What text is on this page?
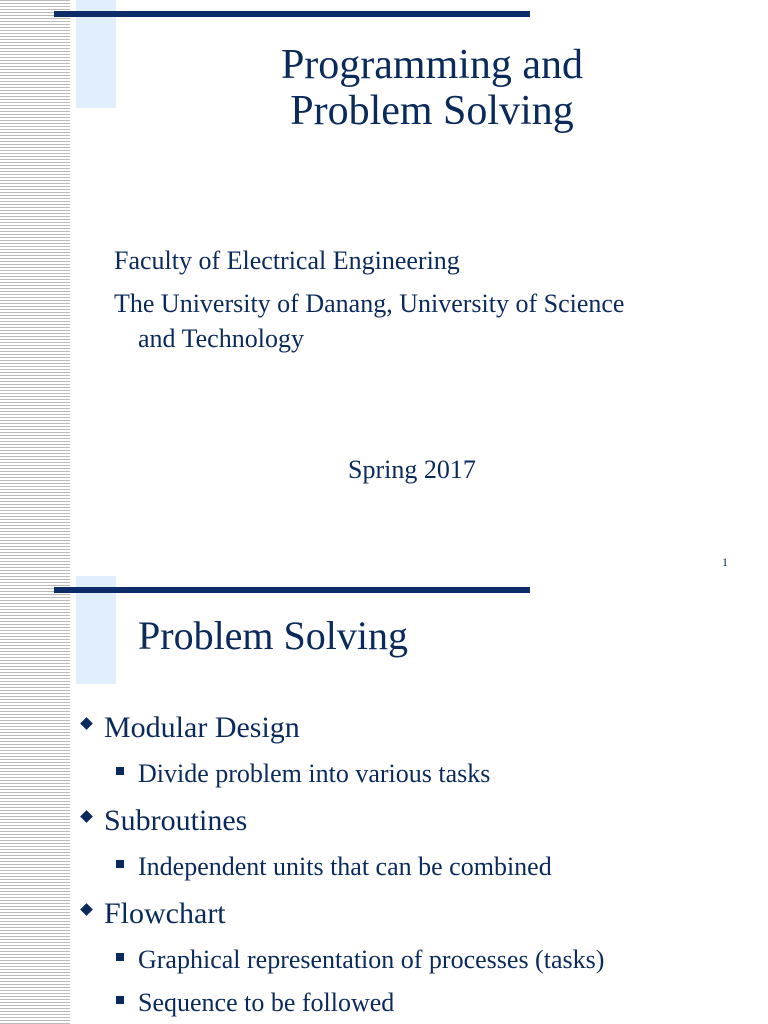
Programming and
Problem Solving
Faculty of Electrical Engineering
The University of Danang, University of Science
and Technology
Spring 2017
1
Problem Solving
Modular Design
Divide problem into various tasks
Subroutines
Independent units that can be combined
Flowchart
Graphical representation of processes (tasks)
Sequence to be followed
